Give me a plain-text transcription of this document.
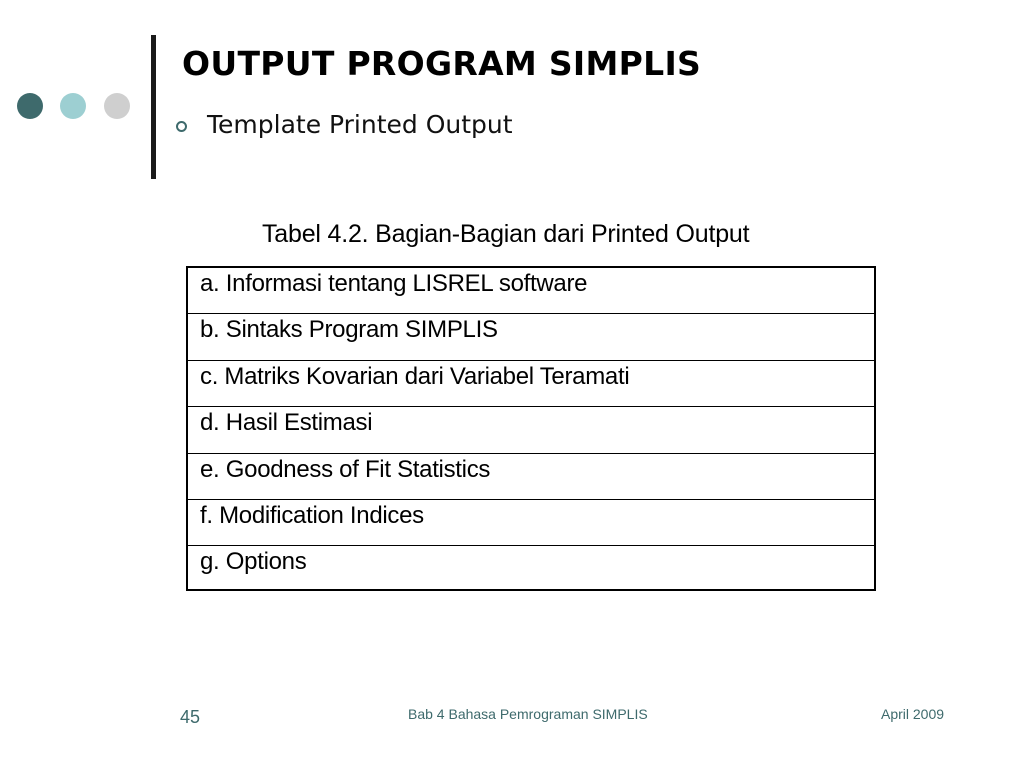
OUTPUT PROGRAM SIMPLIS
Template Printed Output
Tabel 4.2. Bagian-Bagian dari Printed Output
a. Informasi tentang LISREL software
b. Sintaks Program SIMPLIS
c. Matriks Kovarian dari Variabel Teramati
d. Hasil Estimasi
e. Goodness of Fit Statistics
f. Modification Indices
g. Options
45	Bab 4 Bahasa Pemrograman SIMPLIS	April 2009
